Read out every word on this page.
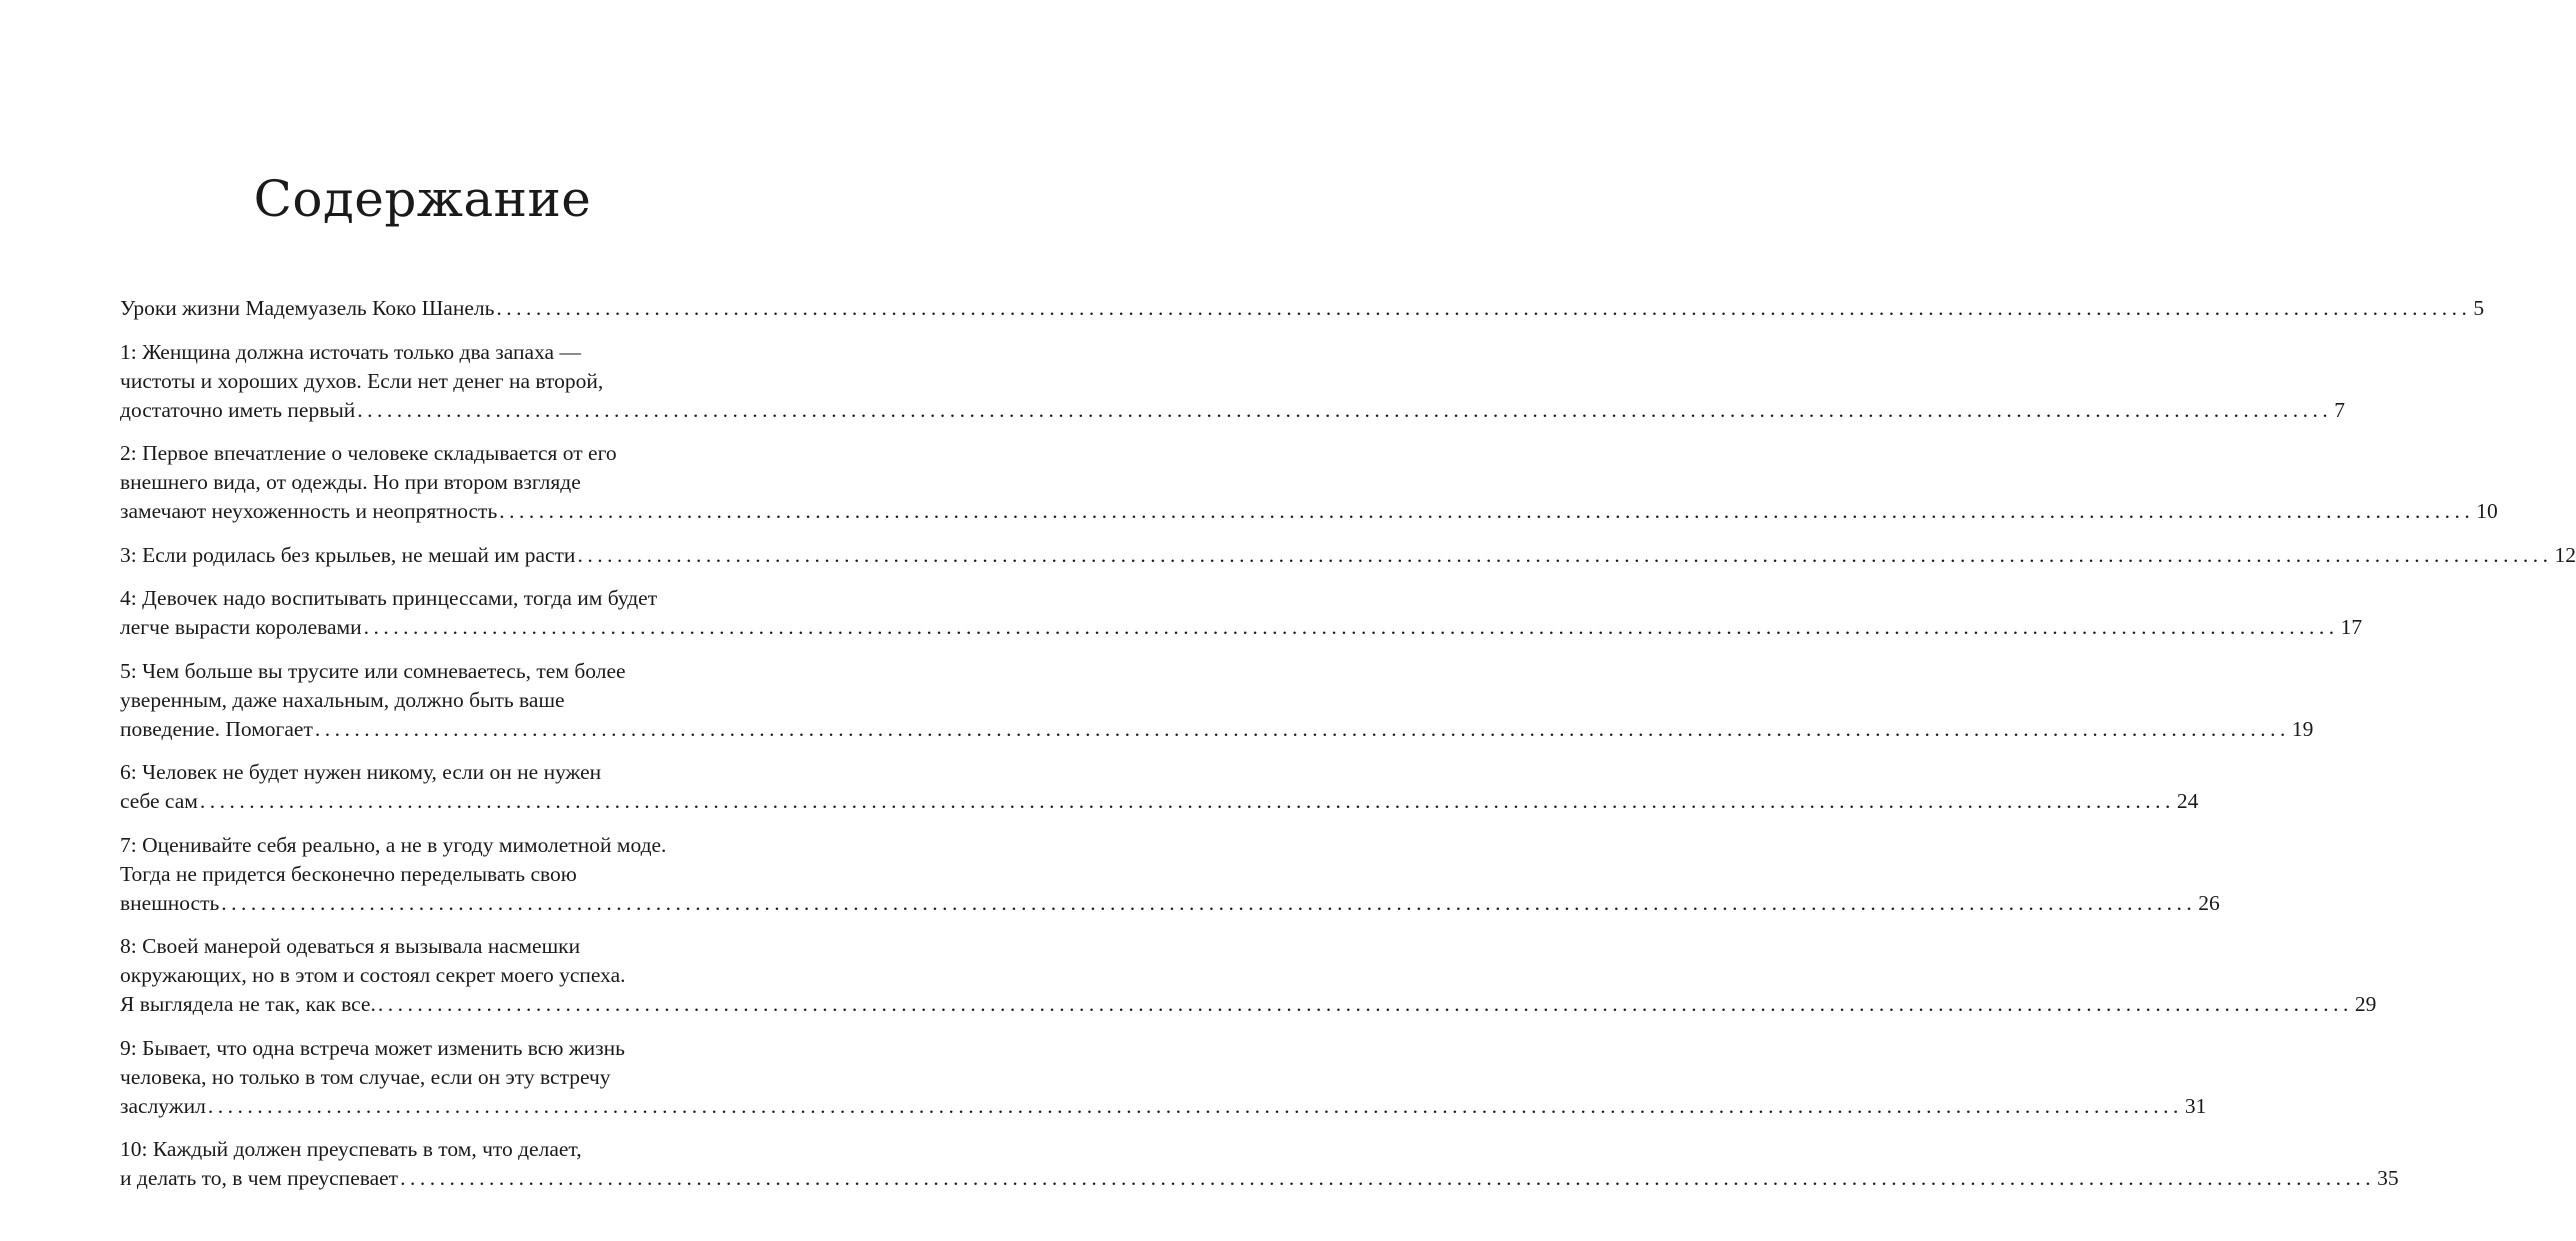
Содержание
Уроки жизни Мадемуазель Коко Шанель ........................................................................................................................................................................................................ 5
1: Женщина должна источать только два запаха —
чистоты и хороших духов. Если нет денег на второй,
достаточно иметь первый ........................................................................................................................................................................................................ 7
2: Первое впечатление о человеке складывается от его
внешнего вида, от одежды. Но при втором взгляде
замечают неухоженность и неопрятность ........................................................................................................................................................................................................ 10
3: Если родилась без крыльев, не мешай им расти ........................................................................................................................................................................................................ 12
4: Девочек надо воспитывать принцессами, тогда им будет
легче вырасти королевами ........................................................................................................................................................................................................ 17
5: Чем больше вы трусите или сомневаетесь, тем более
уверенным, даже нахальным, должно быть ваше
поведение. Помогает ........................................................................................................................................................................................................ 19
6: Человек не будет нужен никому, если он не нужен
себе сам ........................................................................................................................................................................................................ 24
7: Оценивайте себя реально, а не в угоду мимолетной моде.
Тогда не придется бесконечно переделывать свою
внешность ........................................................................................................................................................................................................ 26
8: Своей манерой одеваться я вызывала насмешки
окружающих, но в этом и состоял секрет моего успеха.
Я выглядела не так, как все. ........................................................................................................................................................................................................ 29
9: Бывает, что одна встреча может изменить всю жизнь
человека, но только в том случае, если он эту встречу
заслужил ........................................................................................................................................................................................................ 31
10: Каждый должен преуспевать в том, что делает,
и делать то, в чем преуспевает ........................................................................................................................................................................................................ 35
